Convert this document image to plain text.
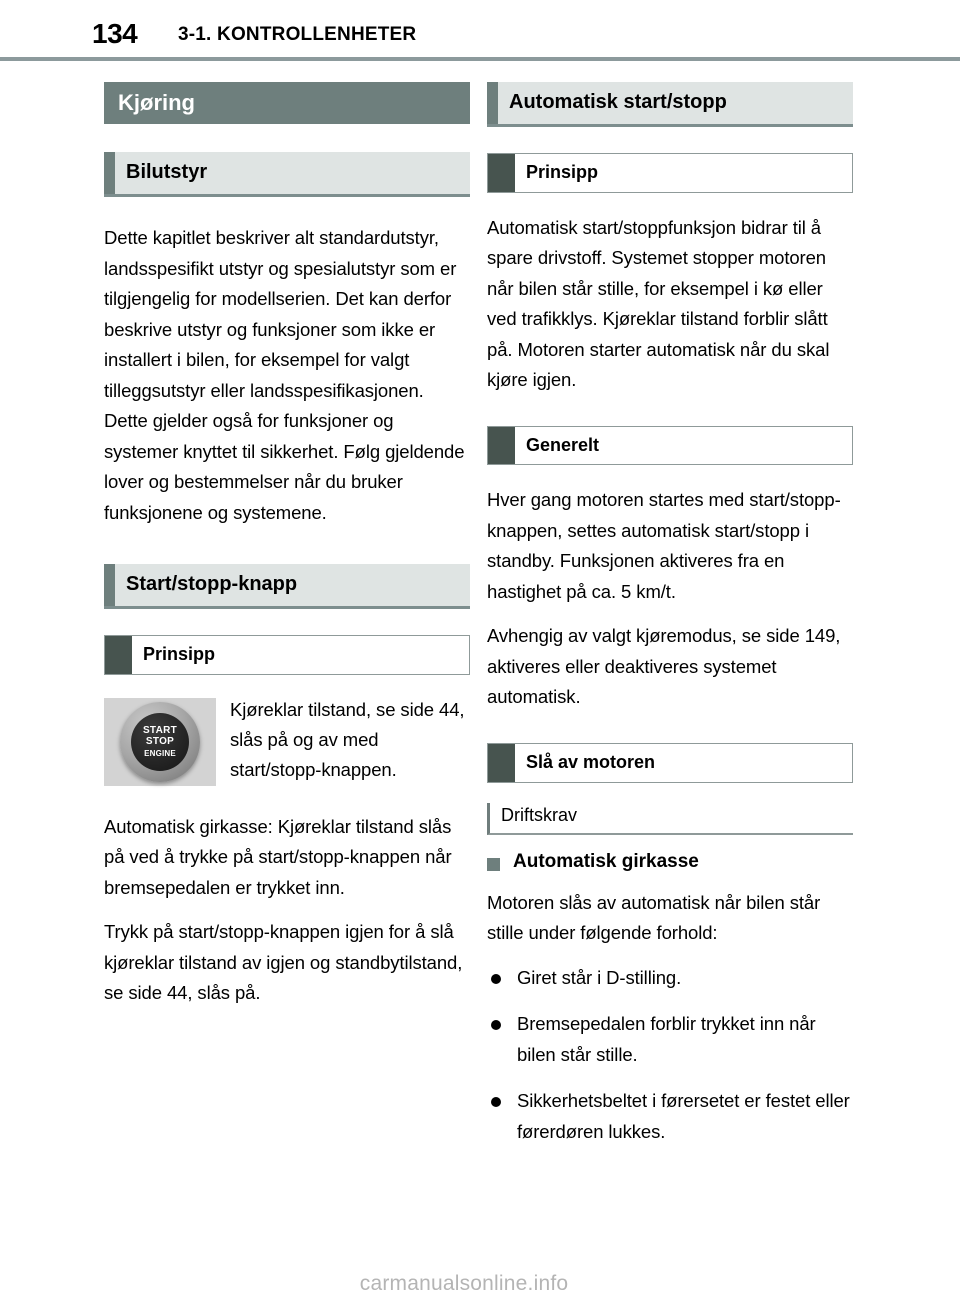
134 3-1. KONTROLLENHETER
Kjøring
Bilutstyr

Dette kapitlet beskriver alt standardutstyr, landsspesifikt utstyr og spesialutstyr som er tilgjengelig for modellserien. Det kan derfor beskrive utstyr og funksjoner som ikke er installert i bilen, for eksempel for valgt tilleggsutstyr eller landsspesifikasjonen. Dette gjelder også for funksjoner og systemer knyttet til sikkerhet. Følg gjeldende lover og bestemmelser når du bruker funksjonene og systemene.

Start/stopp-knapp
Prinsipp
START
STOP
ENGINE

Kjøreklar tilstand, se side 44, slås på og av med start/stopp-knappen.

Automatisk girkasse: Kjøreklar tilstand slås på ved å trykke på start/stopp-knappen når bremsepedalen er trykket inn.

Trykk på start/stopp-knappen igjen for å slå kjøreklar tilstand av igjen og standbytilstand, se side 44, slås på.

Automatisk start/stopp
Prinsipp

Automatisk start/stoppfunksjon bidrar til å spare drivstoff. Systemet stopper motoren når bilen står stille, for eksempel i kø eller ved trafikklys. Kjøreklar tilstand forblir slått på. Motoren starter automatisk når du skal kjøre igjen.

Generelt

Hver gang motoren startes med start/stopp-knappen, settes automatisk start/stopp i standby. Funksjonen aktiveres fra en hastighet på ca. 5 km/t.

Avhengig av valgt kjøremodus, se side 149, aktiveres eller deaktiveres systemet automatisk.

Slå av motoren
Driftskrav
Automatisk girkasse

Motoren slås av automatisk når bilen står stille under følgende forhold:

Giret står i D-stilling.
Bremsepedalen forblir trykket inn når bilen står stille.
Sikkerhetsbeltet i førersetet er festet eller førerdøren lukkes.
carmanualsonline.info
